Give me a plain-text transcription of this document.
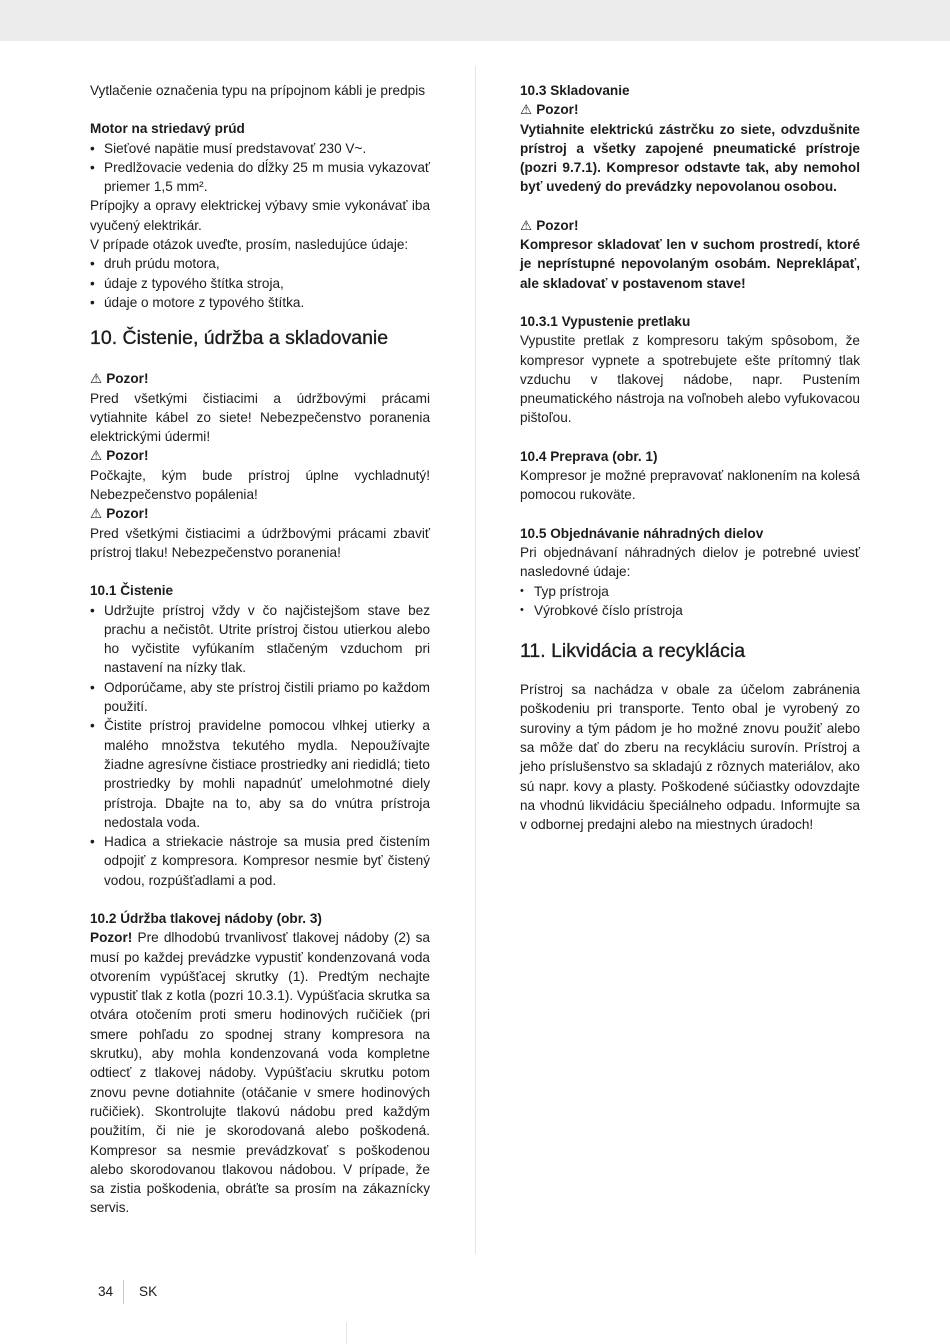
Vytlačenie označenia typu na prípojnom kábli je predpis

Motor na striedavý prúd

• Sieťové napätie musí predstavovať 230 V~.
• Predlžovacie vedenia do dĺžky 25 m musia vykazovať priemer 1,5 mm².

Prípojky a opravy elektrickej výbavy smie vykonávať iba vyučený elektrikár.

V prípade otázok uveďte, prosím, nasledujúce údaje:

• druh prúdu motora,
• údaje z typového štítka stroja,
• údaje o motore z typového štítka.
10. Čistenie, údržba a skladovanie

⚠ Pozor!

Pred všetkými čistiacimi a údržbovými prácami vytiahnite kábel zo siete! Nebezpečenstvo poranenia elektrickými údermi!

⚠ Pozor!

Počkajte, kým bude prístroj úplne vychladnutý! Nebezpečenstvo popálenia!

⚠ Pozor!

Pred všetkými čistiacimi a údržbovými prácami zbaviť prístroj tlaku! Nebezpečenstvo poranenia!

10.1 Čistenie

• Udržujte prístroj vždy v čo najčistejšom stave bez prachu a nečistôt. Utrite prístroj čistou utierkou alebo ho vyčistite vyfúkaním stlačeným vzduchom pri nastavení na nízky tlak.
• Odporúčame, aby ste prístroj čistili priamo po každom použití.
• Čistite prístroj pravidelne pomocou vlhkej utierky a malého množstva tekutého mydla. Nepoužívajte žiadne agresívne čistiace prostriedky ani riedidlá; tieto prostriedky by mohli napadnúť umelohmotné diely prístroja. Dbajte na to, aby sa do vnútra prístroja nedostala voda.
• Hadica a striekacie nástroje sa musia pred čistením odpojiť z kompresora. Kompresor nesmie byť čistený vodou, rozpúšťadlami a pod.

10.2 Údržba tlakovej nádoby (obr. 3)

Pozor! Pre dlhodobú trvanlivosť tlakovej nádoby (2) sa musí po každej prevádzke vypustiť kondenzovaná voda otvorením vypúšťacej skrutky (1). Predtým nechajte vypustiť tlak z kotla (pozri 10.3.1). Vypúšťacia skrutka sa otvára otočením proti smeru hodinových ručičiek (pri smere pohľadu zo spodnej strany kompresora na skrutku), aby mohla kondenzovaná voda kompletne odtiecť z tlakovej nádoby. Vypúšťaciu skrutku potom znovu pevne dotiahnite (otáčanie v smere hodinových ručičiek). Skontrolujte tlakovú nádobu pred každým použitím, či nie je skorodovaná alebo poškodená. Kompresor sa nesmie prevádzkovať s poškodenou alebo skorodovanou tlakovou nádobou. V prípade, že sa zistia poškodenia, obráťte sa prosím na zákaznícky servis.

10.3 Skladovanie

⚠ Pozor!

Vytiahnite elektrickú zástrčku zo siete, odvzdušnite prístroj a všetky zapojené pneumatické prístroje (pozri 9.7.1). Kompresor odstavte tak, aby nemohol byť uvedený do prevádzky nepovolanou osobou.

⚠ Pozor!

Kompresor skladovať len v suchom prostredí, ktoré je neprístupné nepovolaným osobám. Neprekláp​ať, ale skladovať v postavenom stave!

10.3.1 Vypustenie pretlaku

Vypustite pretlak z kompresoru takým spôsobom, že kompresor vypnete a spotrebujete ešte prítomný tlak vzduchu v tlakovej nádobe, napr. Pustením pneumatického nástroja na voľnobeh alebo vyfukovacou pištoľou.

10.4 Preprava (obr. 1)

Kompresor je možné prepravovať naklonením na kolesá pomocou rukoväte.

10.5 Objednávanie náhradných dielov

Pri objednávaní náhradných dielov je potrebné uviesť nasledovné údaje:

• Typ prístroja
• Výrobkové číslo prístroja
11. Likvidácia a recyklácia

Prístroj sa nachádza v obale za účelom zabránenia poškodeniu pri transporte. Tento obal je vyrobený zo suroviny a tým pádom je ho možné znovu použiť alebo sa môže dať do zberu na recykláciu surovín. Prístroj a jeho príslušenstvo sa skladajú z rôznych materiálov, ako sú napr. kovy a plasty. Poškodené súčiastky odovzdajte na vhodnú likvidáciu špeciálneho odpadu. Informujte sa v odbornej predajni alebo na miestnych úradoch!

34 SK
